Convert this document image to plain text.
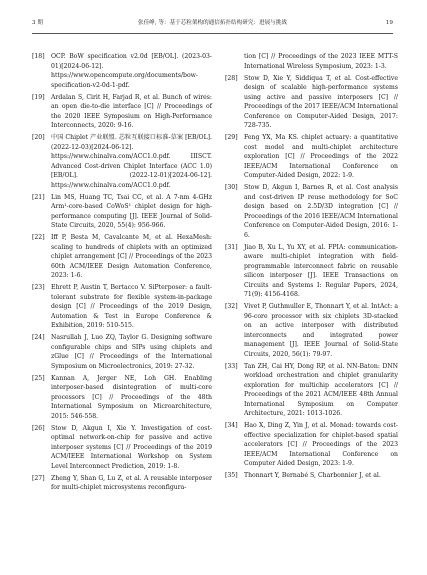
3 期	张佳峥, 等：基于芯粒架构的通信拓扑结构研究：进展与挑战	19
[18] OCP. BoW specification v2.0d [EB/OL]. (2023-03-01)[2024-06-12]. https://www.opencompute.org/documents/bow-specification-v2-0d-1-pdf.
[19] Ardalan S, Cirit H, Farjad R, et al. Bunch of wires: an open die-to-die interface [C] // Proceedings of the 2020 IEEE Symposium on High-Performance Interconnects, 2020: 9-16.
[20] 中国 Chiplet 产业联盟. 芯粒互联接口标准-草案 [EB/OL]. (2022-12-03)[2024-06-12]. https://www.chinalva.com/ACC1.0.pdf. IIISCT. Advanced Cost-driven Chiplet Interface (ACC 1.0) [EB/OL]. (2022-12-01)[2024-06-12]. https://www.chinalva.com/ACC1.0.pdf.
[21] Lin MS, Huang TC, Tsai CC, et al. A 7-nm 4-GHz Arm¹-core-based CoWoS¹ chiplet design for high-performance computing [J]. IEEE Journal of Solid-State Circuits, 2020, 55(4): 956-966.
[22] Iff P, Besta M, Cavalcante M, et al. HexaMesh: scaling to hundreds of chiplets with an optimized chiplet arrangement [C] // Proceedings of the 2023 60th ACM/IEEE Design Automation Conference, 2023: 1-6.
[23] Ehrett P, Austin T, Bertacco V. SiPterposer: a fault-tolerant substrate for flexible system-in-package design [C] // Proceedings of the 2019 Design, Automation & Test in Europe Conference & Exhibition, 2019: 510-515.
[24] Nasrullah J, Luo ZQ, Taylor G. Designing software configurable chips and SIPs using chiplets and zGlue [C] // Proceedings of the International Symposium on Microelectronics, 2019: 27-32.
[25] Kannan A, Jerger NE, Loh GH. Enabling interposer-based disintegration of multi-core processors [C] // Proceedings of the 48th International Symposium on Microarchitecture, 2015: 546-558.
[26] Stow D, Akgun I, Xie Y. Investigation of cost-optimal network-on-chip for passive and active interposer systems [C] // Proceedings of the 2019 ACM/IEEE International Workshop on System Level Interconnect Prediction, 2019: 1-8.
[27] Zheng Y, Shan G, Lu Z, et al. A reusable interposer for multi-chiplet microsystems reconfigura-
tion [C] // Proceedings of the 2023 IEEE MTT-S International Wireless Symposium, 2023: 1-3.
[28] Stow D, Xie Y, Siddiqua T, et al. Cost-effective design of scalable high-performance systems using active and passive interposers [C] // Proceedings of the 2017 IEEE/ACM International Conference on Computer-Aided Design, 2017: 728-735.
[29] Feng YX, Ma KS. chiplet actuary: a quantitative cost model and multi-chiplet architecture exploration [C] // Proceedings of the 2022 IEEE/ACM International Conference on Computer-Aided Design, 2022: 1-9.
[30] Stow D, Akgun I, Barnes R, et al. Cost analysis and cost-driven IP reuse methodology for SoC design based on 2.5D/3D integration [C] // Proceedings of the 2016 IEEE/ACM International Conference on Computer-Aided Design, 2016: 1-6.
[31] Jiao B, Xu L, Yu XY, et al. FPIA: communication-aware multi-chiplet integration with field-programmable interconnect fabric on reusable silicon interposer [J]. IEEE Transactions on Circuits and Systems I: Regular Papers, 2024, 71(9): 4156-4168.
[32] Vivet P, Guthmuller E, Thonnart Y, et al. IntAct: a 96-core processor with six chiplets 3D-stacked on an active interposer with distributed interconnects and integrated power management [J]. IEEE Journal of Solid-State Circuits, 2020, 56(1): 79-97.
[33] Tan ZH, Cai HY, Dong RP, et al. NN-Baton: DNN workload orchestration and chiplet granularity exploration for multichip accelerators [C] // Proceedings of the 2021 ACM/IEEE 48th Annual International Symposium on Computer Architecture, 2021: 1013-1026.
[34] Hao X, Ding Z, Yin J, et al. Monad: towards cost-effective specialization for chiplet-based spatial accelerators [C] // Proceedings of the 2023 IEEE/ACM International Conference on Computer Aided Design, 2023: 1-9.
[35] Thonnart Y, Bernabé S, Charbonnier J, et al.
